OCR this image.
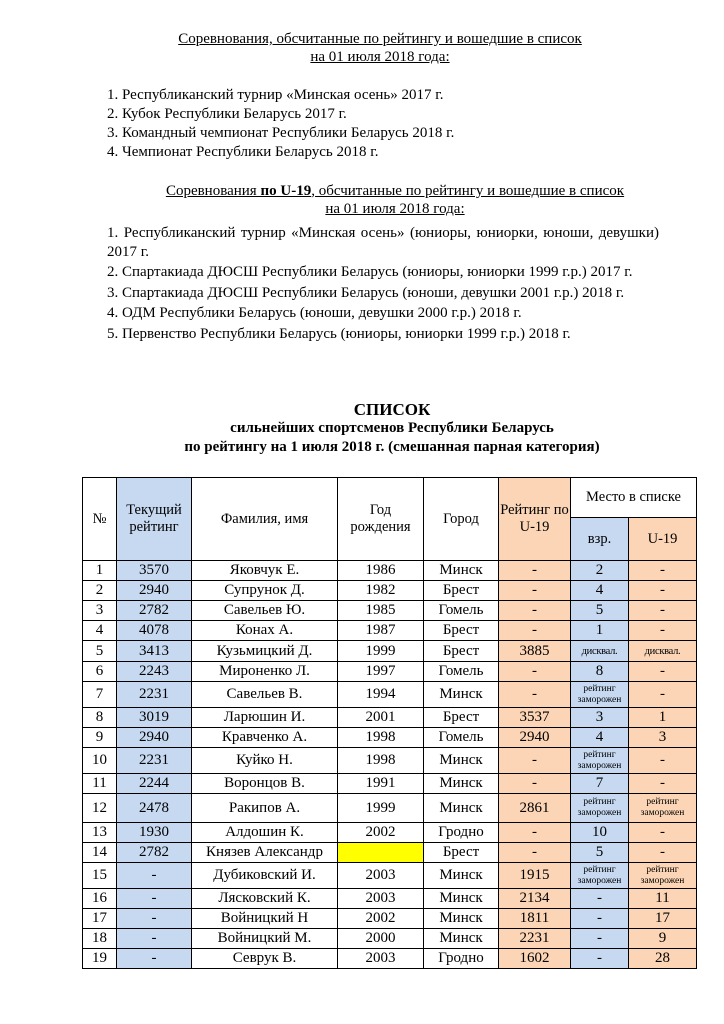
Соревнования, обсчитанные по рейтингу и вошедшие в список
на 01 июля 2018 года:
1. Республиканский турнир «Минская осень» 2017 г.
2. Кубок Республики Беларусь 2017 г.
3. Командный чемпионат Республики Беларусь 2018 г.
4. Чемпионат Республики Беларусь 2018 г.
Соревнования по U-19, обсчитанные по рейтингу и вошедшие в список
на 01 июля 2018 года:
1. Республиканский турнир «Минская осень» (юниоры, юниорки, юноши, девушки) 2017 г.
2. Спартакиада ДЮСШ Республики Беларусь (юниоры, юниорки 1999 г.р.) 2017 г.
3. Спартакиада ДЮСШ Республики Беларусь (юноши, девушки 2001 г.р.) 2018 г.
4. ОДМ Республики Беларусь (юноши, девушки 2000 г.р.) 2018 г.
5. Первенство Республики Беларусь (юниоры, юниорки 1999 г.р.) 2018 г.
СПИСОК
сильнейших спортсменов Республики Беларусь
по рейтингу на 1 июля 2018 г. (смешанная парная категория)
№	Текущий рейтинг	Фамилия, имя	Год рождения	Город	Рейтинг по U-19	Место в списке	
						взр.	U-19
1	3570	Яковчук Е.	1986	Минск	-	2	-
2	2940	Супрунок Д.	1982	Брест	-	4	-
3	2782	Савельев Ю.	1985	Гомель	-	5	-
4	4078	Конах А.	1987	Брест	-	1	-
5	3413	Кузьмицкий Д.	1999	Брест	3885	дисквал.	дисквал.
6	2243	Мироненко Л.	1997	Гомель	-	8	-
7	2231	Савельев В.	1994	Минск	-	рейтинг заморожен	-
8	3019	Ларюшин И.	2001	Брест	3537	3	1
9	2940	Кравченко А.	1998	Гомель	2940	4	3
10	2231	Куйко Н.	1998	Минск	-	рейтинг заморожен	-
11	2244	Воронцов В.	1991	Минск	-	7	-
12	2478	Ракипов А.	1999	Минск	2861	рейтинг заморожен	рейтинг заморожен
13	1930	Алдошин К.	2002	Гродно	-	10	-
14	2782	Князев Александр		Брест	-	5	-
15	-	Дубиковский И.	2003	Минск	1915	рейтинг заморожен	рейтинг заморожен
16	-	Лясковский К.	2003	Минск	2134	-	11
17	-	Войницкий Н	2002	Минск	1811	-	17
18	-	Войницкий М.	2000	Минск	2231	-	9
19	-	Севрук В.	2003	Гродно	1602	-	28
